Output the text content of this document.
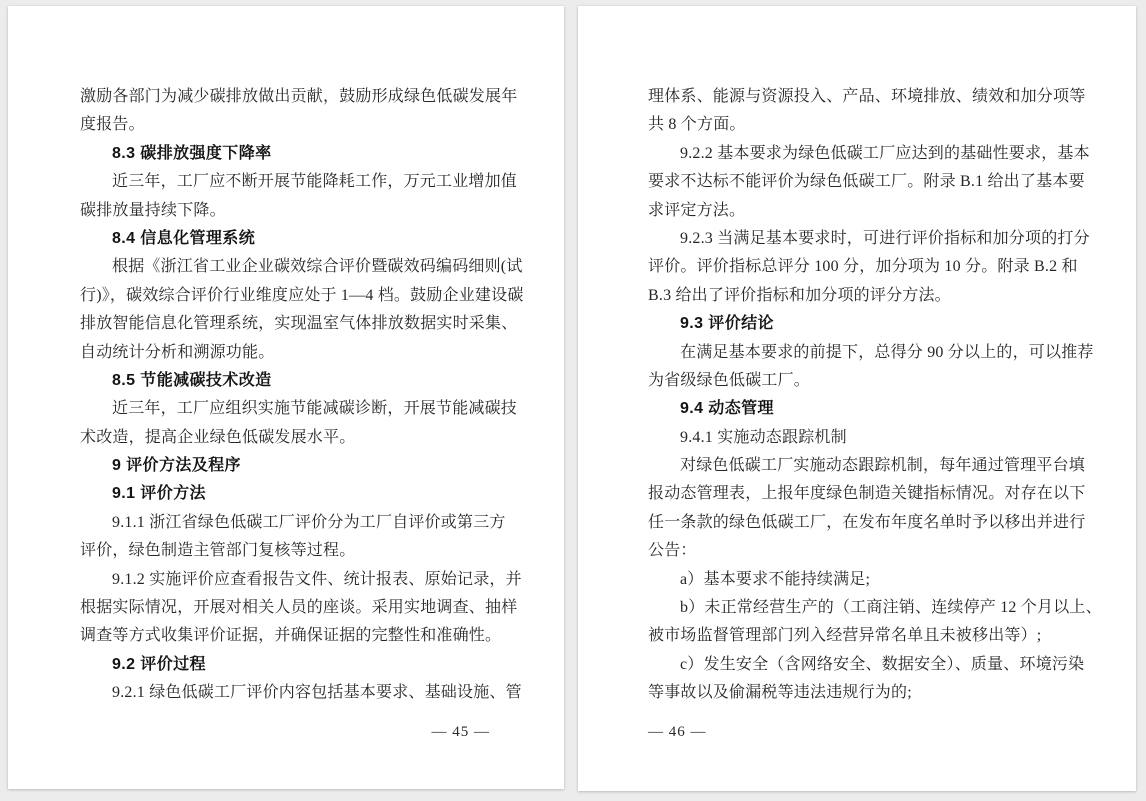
激励各部门为减少碳排放做出贡献，鼓励形成绿色低碳发展年
度报告。
8.3 碳排放强度下降率
近三年，工厂应不断开展节能降耗工作，万元工业增加值
碳排放量持续下降。
8.4 信息化管理系统
根据《浙江省工业企业碳效综合评价暨碳效码编码细则(试
行)》，碳效综合评价行业维度应处于 1—4 档。鼓励企业建设碳
排放智能信息化管理系统，实现温室气体排放数据实时采集、
自动统计分析和溯源功能。
8.5 节能减碳技术改造
近三年，工厂应组织实施节能减碳诊断，开展节能减碳技
术改造，提高企业绿色低碳发展水平。
9 评价方法及程序
9.1 评价方法
9.1.1 浙江省绿色低碳工厂评价分为工厂自评价或第三方
评价，绿色制造主管部门复核等过程。
9.1.2 实施评价应查看报告文件、统计报表、原始记录，并
根据实际情况，开展对相关人员的座谈。采用实地调查、抽样
调查等方式收集评价证据，并确保证据的完整性和准确性。
9.2 评价过程
9.2.1 绿色低碳工厂评价内容包括基本要求、基础设施、管
— 45 —
理体系、能源与资源投入、产品、环境排放、绩效和加分项等
共 8 个方面。
9.2.2 基本要求为绿色低碳工厂应达到的基础性要求，基本
要求不达标不能评价为绿色低碳工厂。附录 B.1 给出了基本要
求评定方法。
9.2.3 当满足基本要求时，可进行评价指标和加分项的打分
评价。评价指标总评分 100 分，加分项为 10 分。附录 B.2 和
B.3 给出了评价指标和加分项的评分方法。
9.3 评价结论
在满足基本要求的前提下，总得分 90 分以上的，可以推荐
为省级绿色低碳工厂。
9.4 动态管理
9.4.1 实施动态跟踪机制
对绿色低碳工厂实施动态跟踪机制，每年通过管理平台填
报动态管理表，上报年度绿色制造关键指标情况。对存在以下
任一条款的绿色低碳工厂，在发布年度名单时予以移出并进行
公告：
a）基本要求不能持续满足;
b）未正常经营生产的（工商注销、连续停产 12 个月以上、
被市场监督管理部门列入经营异常名单且未被移出等）;
c）发生安全（含网络安全、数据安全）、质量、环境污染
等事故以及偷漏税等违法违规行为的;
— 46 —
